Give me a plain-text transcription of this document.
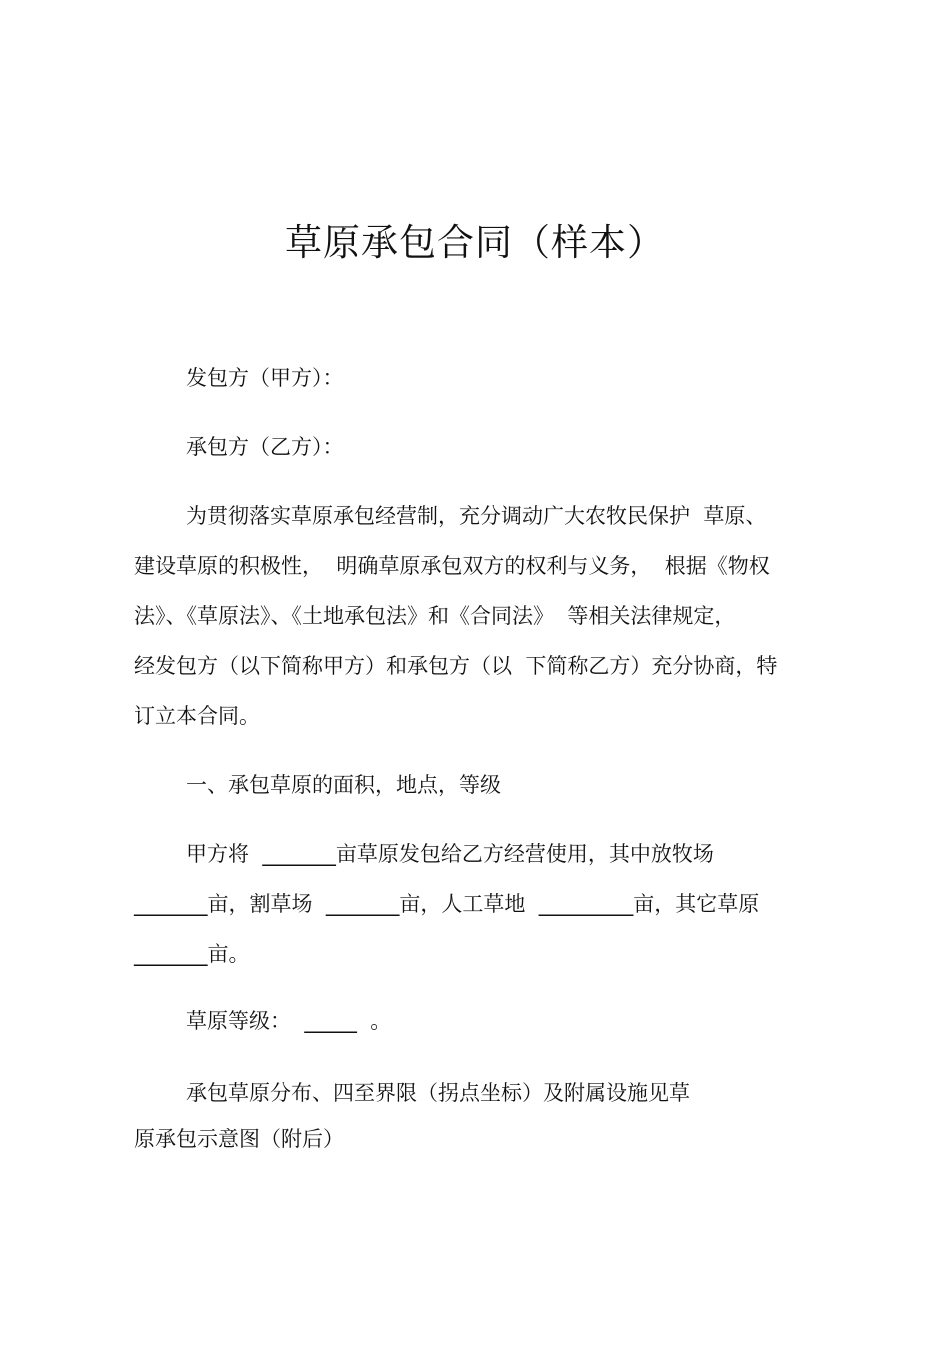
草原承包合同（样本）
发包方（甲方）：
承包方（乙方）：
为贯彻落实草原承包经营制，充分调动广大农牧民保护  草原、
建设草原的积极性，  明确草原承包双方的权利与义务，  根据《物权
法》、《草原法》、《土地承包法》和《合同法》  等相关法律规定，
经发包方（以下简称甲方）和承包方（以  下简称乙方）充分协商，特
订立本合同。
一、承包草原的面积，地点，等级
甲方将  _______亩草原发包给乙方经营使用，其中放牧场
_______亩，割草场  _______亩，人工草地  _________亩，其它草原
_______亩。
草原等级：  _____  。
承包草原分布、四至界限（拐点坐标）及附属设施见草
原承包示意图（附后）
